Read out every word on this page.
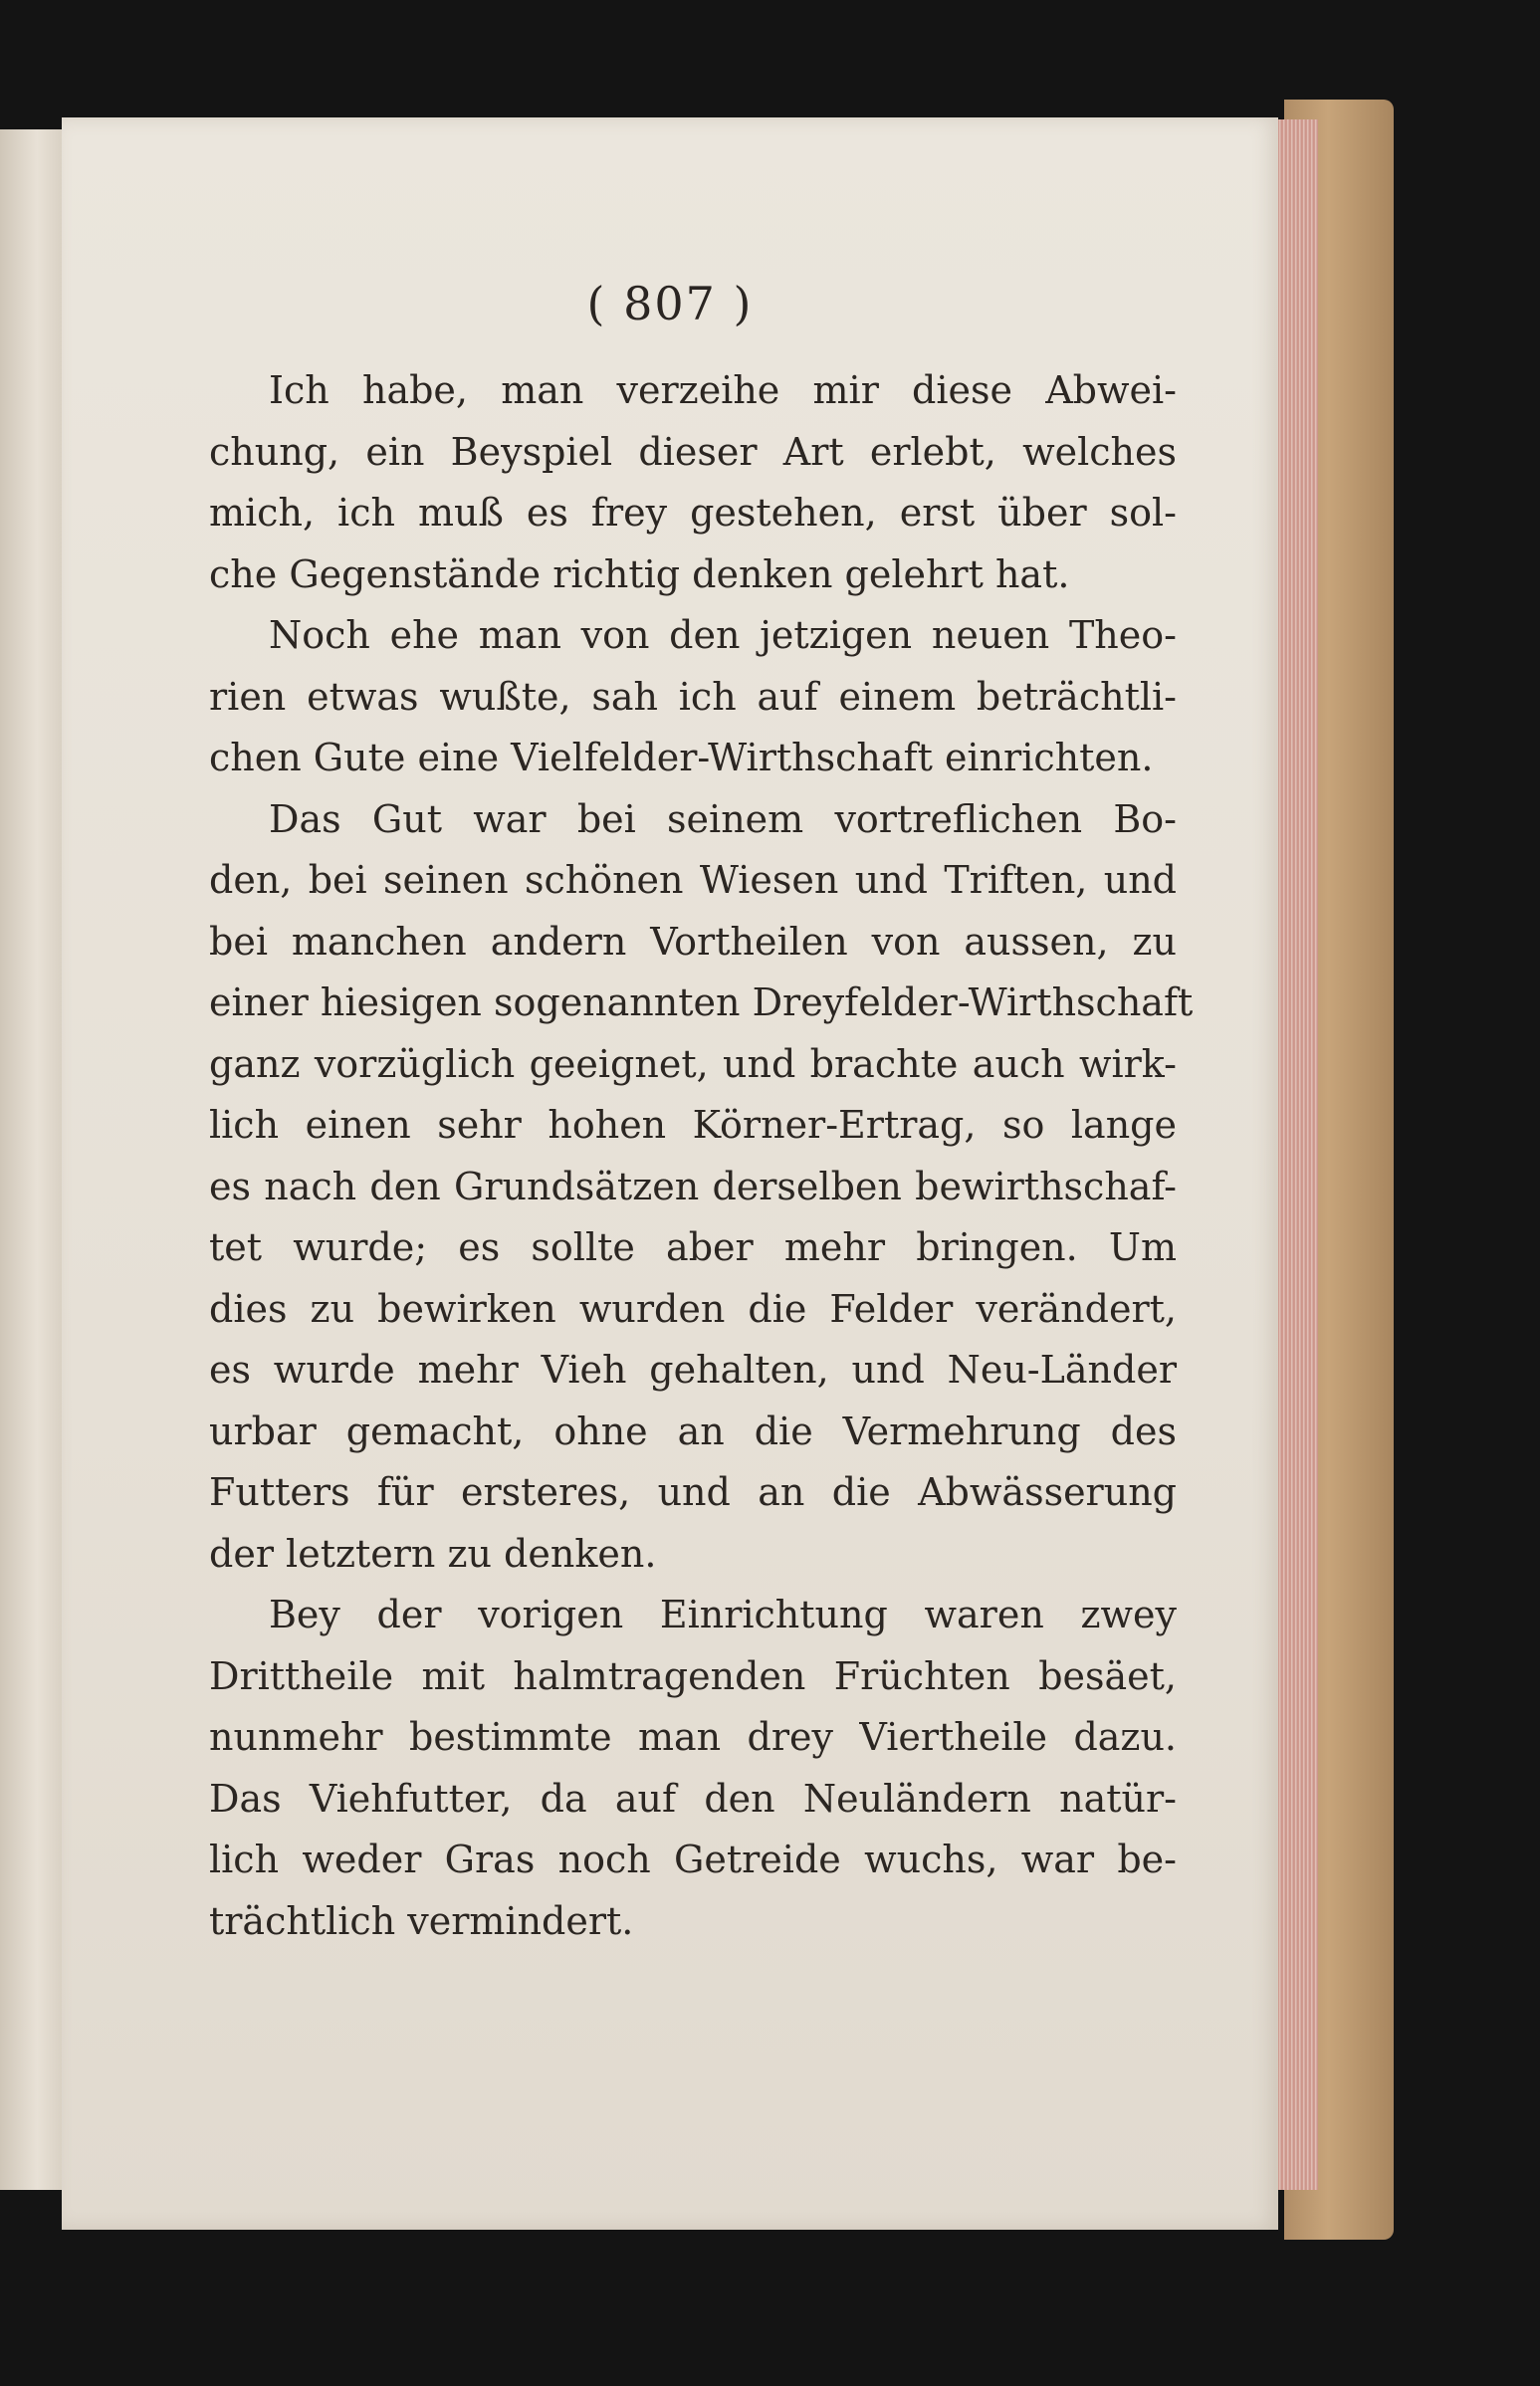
( 807 )
Ich habe, man verzeihe mir diese Abwei-
chung, ein Beyspiel dieser Art erlebt, welches
mich, ich muß es frey gestehen, erst über sol-
che Gegenstände richtig denken gelehrt hat.
Noch ehe man von den jetzigen neuen Theo-
rien etwas wußte, sah ich auf einem beträchtli-
chen Gute eine Vielfelder-Wirthschaft einrichten.
Das Gut war bei seinem vortreflichen Bo-
den, bei seinen schönen Wiesen und Triften, und
bei manchen andern Vortheilen von aussen, zu
einer hiesigen sogenannten Dreyfelder-Wirthschaft
ganz vorzüglich geeignet, und brachte auch wirk-
lich einen sehr hohen Körner-Ertrag, so lange
es nach den Grundsätzen derselben bewirthschaf-
tet wurde; es sollte aber mehr bringen. Um
dies zu bewirken wurden die Felder verändert,
es wurde mehr Vieh gehalten, und Neu-Länder
urbar gemacht, ohne an die Vermehrung des
Futters für ersteres, und an die Abwässerung
der letztern zu denken.
Bey der vorigen Einrichtung waren zwey
Drittheile mit halmtragenden Früchten besäet,
nunmehr bestimmte man drey Viertheile dazu.
Das Viehfutter, da auf den Neuländern natür-
lich weder Gras noch Getreide wuchs, war be-
trächtlich vermindert.
